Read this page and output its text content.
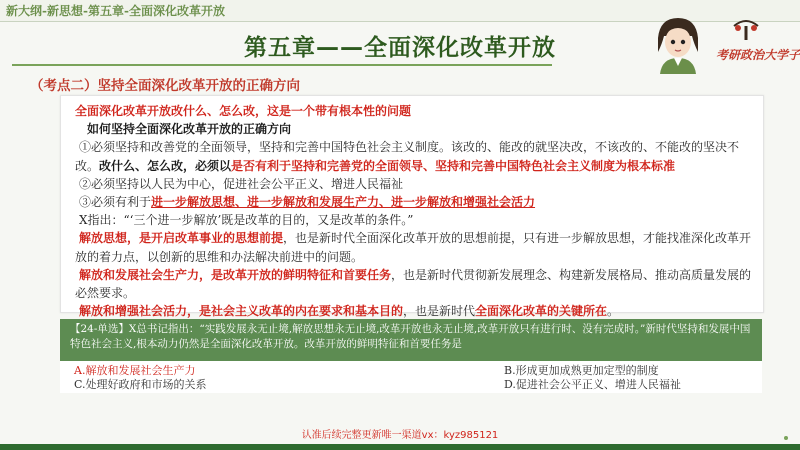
新大纲-新思想-第五章-全面深化改革开放
第五章——全面深化改革开放	考研政治大学子
（考点二）坚持全面深化改革开放的正确方向

全面深化改革开放改什么、怎么改，这是一个带有根本性的问题

如何坚持全面深化改革开放的正确方向

①必须坚持和改善党的全面领导，坚持和完善中国特色社会主义制度。该改的、能改的就坚决改，不该改的、不能改的坚决不改。改什么、怎么改，必须以是否有利于坚持和完善党的全面领导、坚持和完善中国特色社会主义制度为根本标准

②必须坚持以人民为中心，促进社会公平正义、增进人民福祉

③必须有利于进一步解放思想、进一步解放和发展生产力、进一步解放和增强社会活力

X指出：“‘三个进一步解放’既是改革的目的，又是改革的条件。”

解放思想，是开启改革事业的思想前提，也是新时代全面深化改革开放的思想前提，只有进一步解放思想，才能找准深化改革开放的着力点，以创新的思维和办法解决前进中的问题。

解放和发展社会生产力，是改革开放的鲜明特征和首要任务，也是新时代贯彻新发展理念、构建新发展格局、推动高质量发展的必然要求。

解放和增强社会活力，是社会主义改革的内在要求和基本目的，也是新时代全面深化改革的关键所在。

【24-单选】X总书记指出：“实践发展永无止境,解放思想永无止境,改革开放也永无止境,改革开放只有进行时、没有完成时。”新时代坚持和发展中国特色社会主义,根本动力仍然是全面深化改革开放。改革开放的鲜明特征和首要任务是
A.解放和发展社会生产力	B.形成更加成熟更加定型的制度
C.处理好政府和市场的关系	D.促进社会公平正义、增进人民福祉
认准后续完整更新唯一渠道vx：kyz985121
